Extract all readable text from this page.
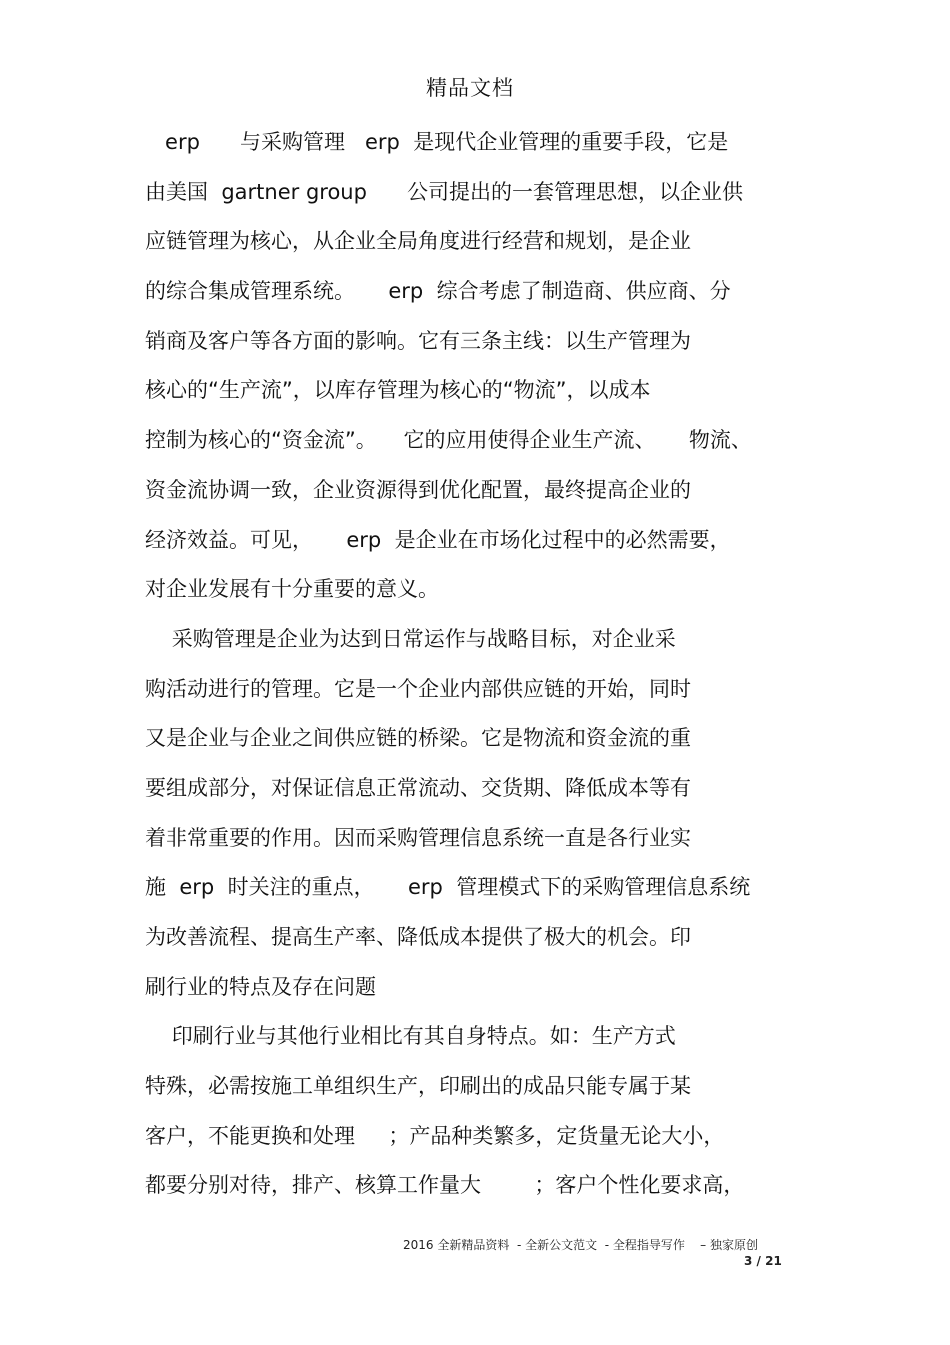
精品文档
erp      与采购管理   erp  是现代企业管理的重要手段，它是
由美国  gartner group      公司提出的一套管理思想，以企业供
应链管理为核心，从企业全局角度进行经营和规划，是企业
的综合集成管理系统。     erp  综合考虑了制造商、供应商、分
销商及客户等各方面的影响。它有三条主线：以生产管理为
核心的“生产流”，以库存管理为核心的“物流”，以成本
控制为核心的“资金流”。    它的应用使得企业生产流、     物流、
资金流协调一致，企业资源得到优化配置，最终提高企业的
经济效益。可见，     erp  是企业在市场化过程中的必然需要，
对企业发展有十分重要的意义。
采购管理是企业为达到日常运作与战略目标，对企业采
购活动进行的管理。它是一个企业内部供应链的开始，同时
又是企业与企业之间供应链的桥梁。它是物流和资金流的重
要组成部分，对保证信息正常流动、交货期、降低成本等有
着非常重要的作用。因而采购管理信息系统一直是各行业实
施  erp  时关注的重点，     erp  管理模式下的采购管理信息系统
为改善流程、提高生产率、降低成本提供了极大的机会。印
刷行业的特点及存在问题
印刷行业与其他行业相比有其自身特点。如：生产方式
特殊，必需按施工单组织生产，印刷出的成品只能专属于某
客户，不能更换和处理     ；产品种类繁多，定货量无论大小，
都要分别对待，排产、核算工作量大        ；客户个性化要求高，
2016 全新精品资料  - 全新公文范文  - 全程指导写作    – 独家原创
3 / 21
